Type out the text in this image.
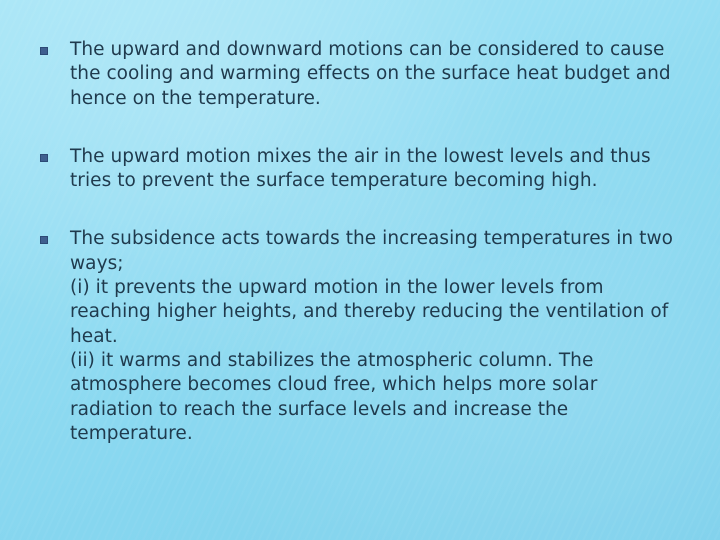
The upward and downward motions can be considered to cause the cooling and warming effects on the surface heat budget and hence on the temperature.
The upward motion mixes the air in the lowest levels and thus tries to prevent the surface temperature becoming high.
The subsidence acts towards the increasing temperatures in two ways;
(i) it prevents the upward motion in the lower levels from reaching higher heights, and thereby reducing the ventilation of heat.
(ii) it warms and stabilizes the atmospheric column. The atmosphere becomes cloud free, which helps more solar radiation to reach the surface levels and increase the temperature.
